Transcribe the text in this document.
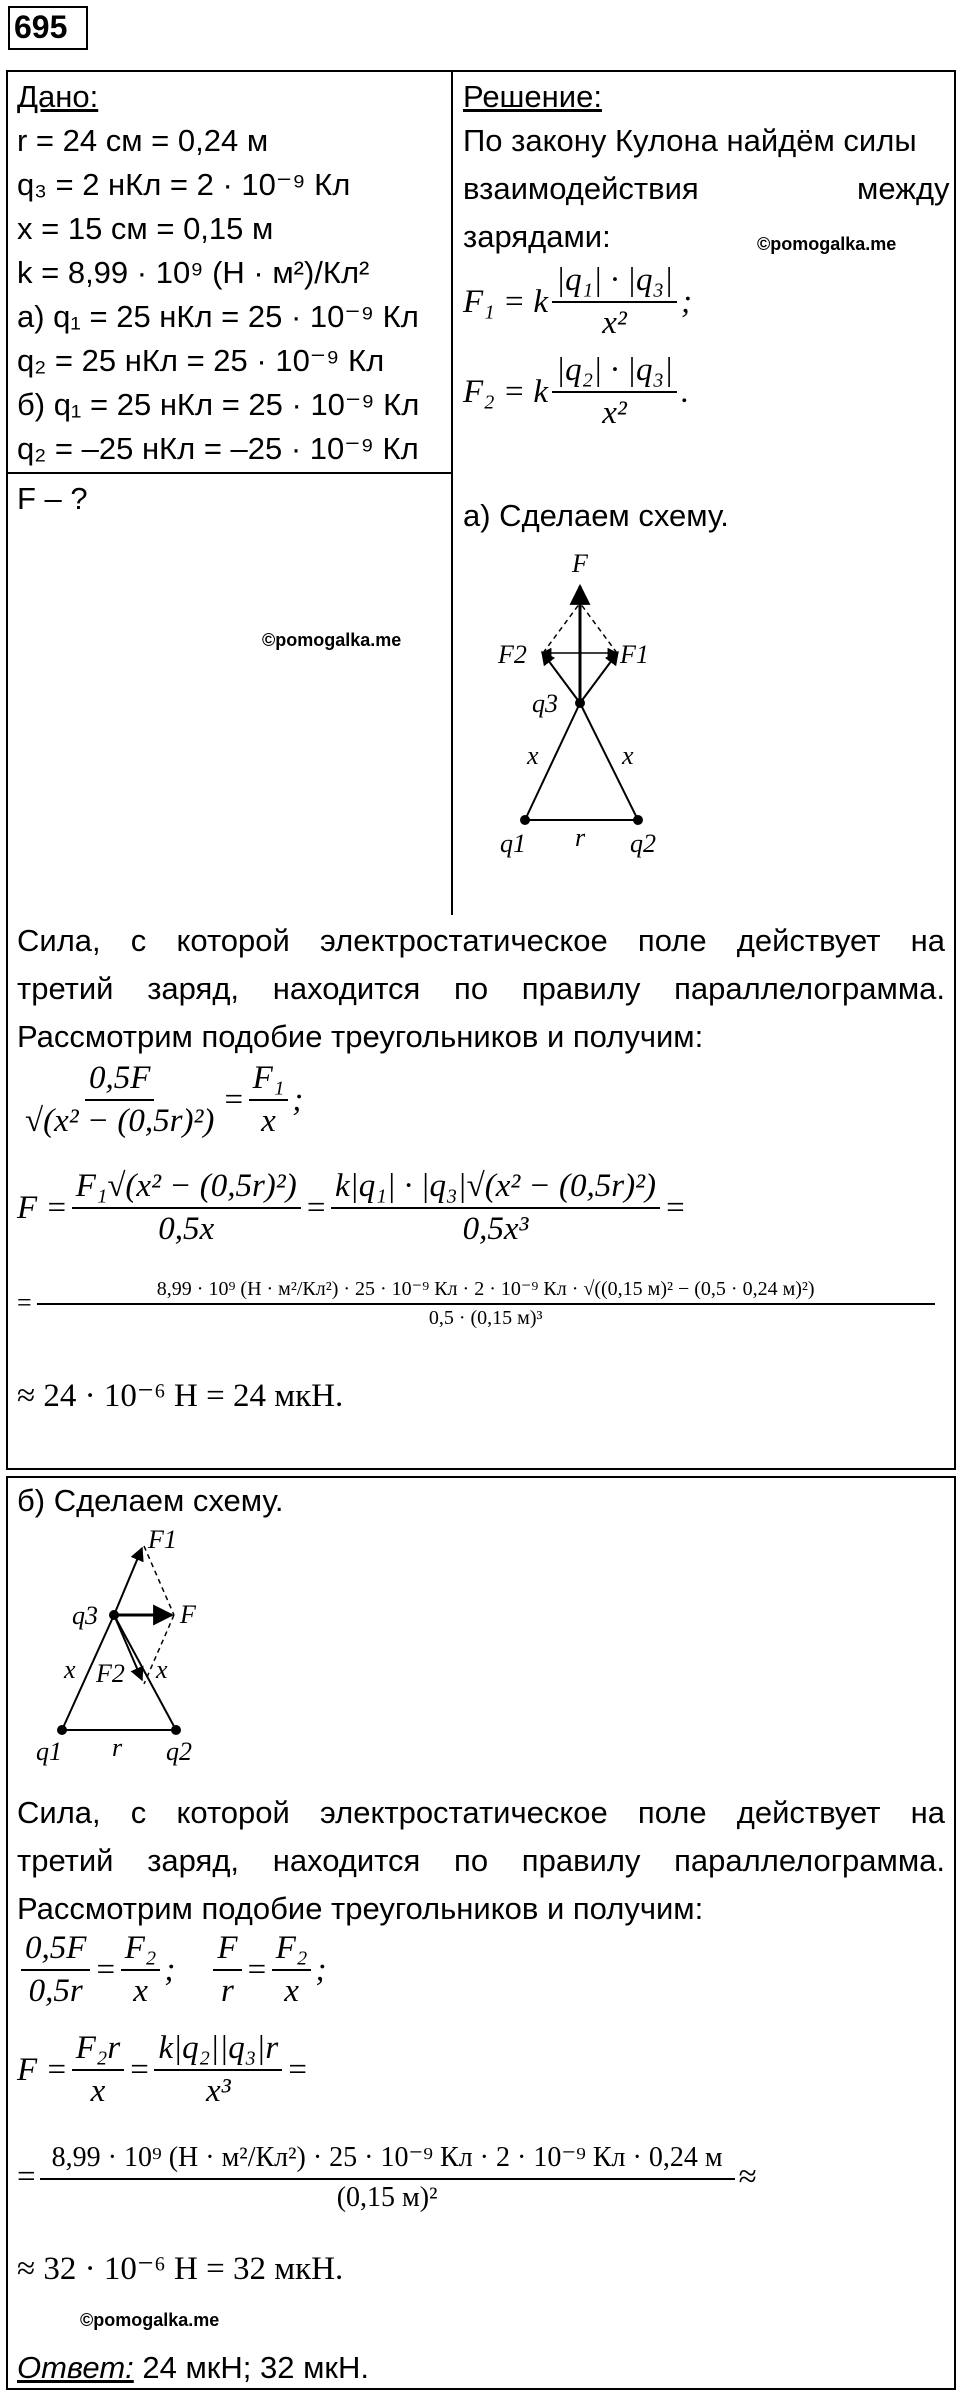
695
Дано:
r = 24 см = 0,24 м
q₃ = 2 нКл = 2 · 10⁻⁹ Кл
x = 15 см = 0,15 м
k = 8,99 · 10⁹ (Н · м²)/Кл²
а) q₁ = 25 нКл = 25 · 10⁻⁹ Кл
q₂ = 25 нКл = 25 · 10⁻⁹ Кл
б) q₁ = 25 нКл = 25 · 10⁻⁹ Кл
q₂ = –25 нКл = –25 · 10⁻⁹ Кл
F – ?
©pomogalka.me
Решение:
По закону Кулона найдём силы
взаимодействия	между
зарядами:	©pomogalka.me
F₁ = k $\frac{\text{|q₁| · |q₃|}}{\text{x²}}$ ;
F₂ = k $\frac{\text{|q₂| · |q₃|}}{\text{x²}}$ .
а) Сделаем схему.
F
F2	F1
q3
x	x
q1 r q2
Сила, с которой электростатическое поле действует на
третий заряд, находится по правилу параллелограмма.
Рассмотрим подобие треугольников и получим:
$\frac{0,5F}{\text{√(x² − (0,5r)²)}} = \frac{\text{F₁}}{x}$ ;
$F = \frac{\text{F₁√(x² − (0,5r)²)}}{0,5x} = \frac{\text{k|q₁| · |q₃|√(x² − (0,5r)²)}}{\text{0,5x³}}$ =
=	8,99 · 10⁹ (Н · м²/Кл²) · 25 · 10⁻⁹ Кл · 2 · 10⁻⁹ Кл · √((0,15 м)² − (0,5 · 0,24 м)²)
0,5 · (0,15 м)³
≈ 24 · 10⁻⁶ Н = 24 мкН.
б) Сделаем схему.
F1
q3	F
x F2 x
q1 r q2
Сила, с которой электростатическое поле действует на
третий заряд, находится по правилу параллелограмма.
Рассмотрим подобие треугольников и получим:
$\frac{0,5F}{0,5r} = \frac{\text{F₂}}{x}$ ; $\frac{F}{r} = \frac{\text{F₂}}{x}$ ;
$F = \frac{\text{F₂r}}{x} = \frac{\text{k|q₂||q₃|r}}{\text{x³}}$ =
=
8,99 · 10⁹ (Н · м²/Кл²) · 25 · 10⁻⁹ Кл · 2 · 10⁻⁹ Кл · 0,24 м
(0,15 м)²
≈
≈ 32 · 10⁻⁶ Н = 32 мкН.
©pomogalka.me
Ответ: 24 мкН; 32 мкН.
